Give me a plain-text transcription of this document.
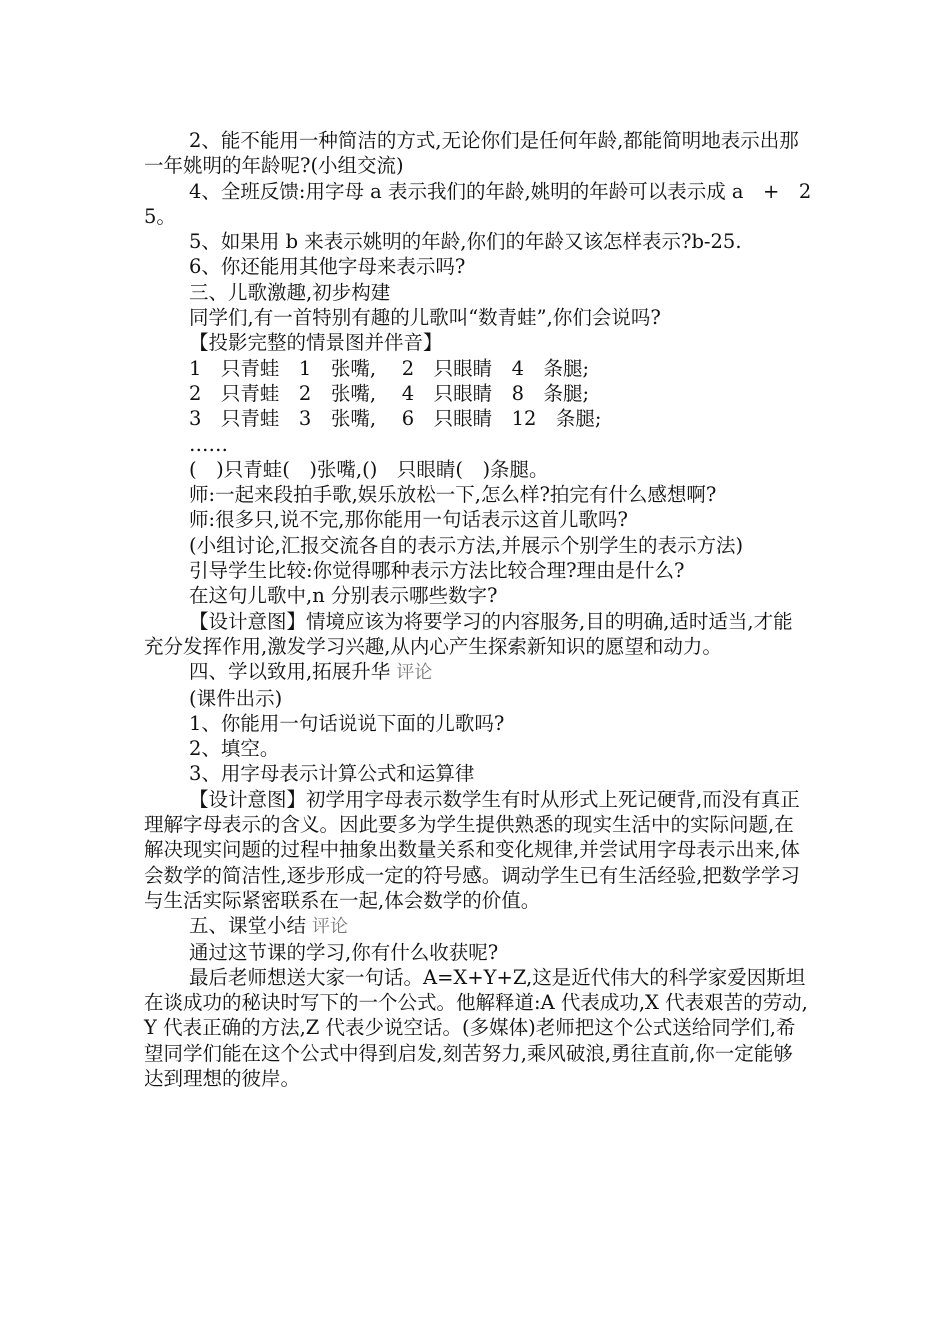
2、能不能用一种简洁的方式,无论你们是任何年龄,都能简明地表示出那一年姚明的年龄呢?(小组交流)

4、全班反馈:用字母 a 表示我们的年龄,姚明的年龄可以表示成 a　+　25。

5、如果用 b 来表示姚明的年龄,你们的年龄又该怎样表示?b-25.

6、你还能用其他字母来表示吗?

三、儿歌激趣,初步构建

同学们,有一首特别有趣的儿歌叫“数青蛙”,你们会说吗?

【投影完整的情景图并伴音】

1　只青蛙　1　张嘴,　 2　只眼睛　4　条腿;

2　只青蛙　2　张嘴,　 4　只眼睛　8　条腿;

3　只青蛙　3　张嘴,　 6　只眼睛　12　条腿;

……

(　)只青蛙(　)张嘴,()　只眼睛(　)条腿。

师:一起来段拍手歌,娱乐放松一下,怎么样?拍完有什么感想啊?

师:很多只,说不完,那你能用一句话表示这首儿歌吗?

(小组讨论,汇报交流各自的表示方法,并展示个别学生的表示方法)

引导学生比较:你觉得哪种表示方法比较合理?理由是什么?

在这句儿歌中,n 分别表示哪些数字?

【设计意图】情境应该为将要学习的内容服务,目的明确,适时适当,才能充分发挥作用,激发学习兴趣,从内心产生探索新知识的愿望和动力。

四、学以致用,拓展升华 评论

(课件出示)

1、你能用一句话说说下面的儿歌吗?

2、填空。

3、用字母表示计算公式和运算律

【设计意图】初学用字母表示数学生有时从形式上死记硬背,而没有真正理解字母表示的含义。因此要多为学生提供熟悉的现实生活中的实际问题,在解决现实问题的过程中抽象出数量关系和变化规律,并尝试用字母表示出来,体会数学的简洁性,逐步形成一定的符号感。调动学生已有生活经验,把数学学习与生活实际紧密联系在一起,体会数学的价值。

五、课堂小结 评论

通过这节课的学习,你有什么收获呢?

最后老师想送大家一句话。A=X+Y+Z,这是近代伟大的科学家爱因斯坦在谈成功的秘诀时写下的一个公式。他解释道:A 代表成功,X 代表艰苦的劳动,Y 代表正确的方法,Z 代表少说空话。(多媒体)老师把这个公式送给同学们,希望同学们能在这个公式中得到启发,刻苦努力,乘风破浪,勇往直前,你一定能够达到理想的彼岸。
